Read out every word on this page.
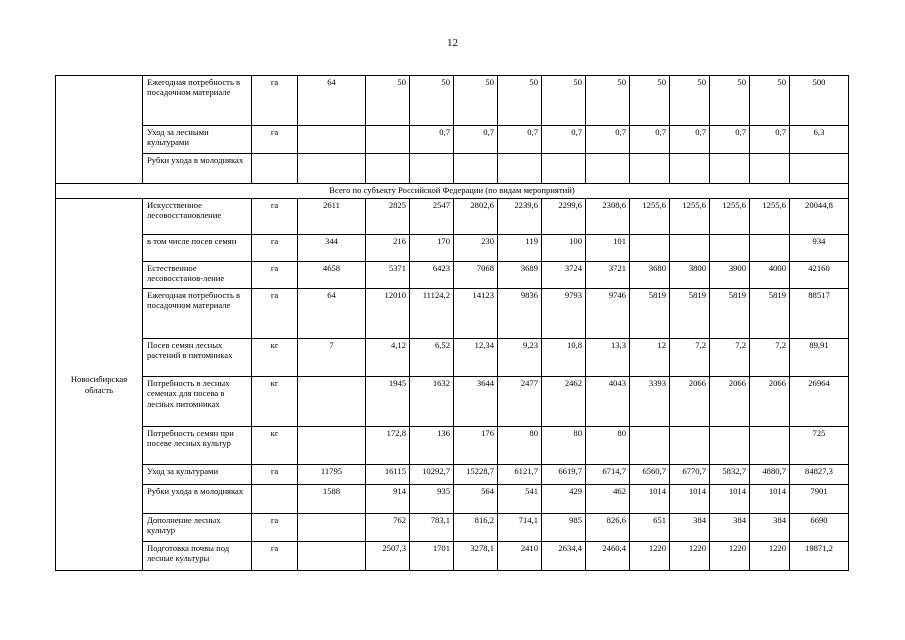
12
	Ежегодная потребность в посадочном материале	га	64	50	50	50	50	50	50	50	50	50	50	500
	Уход за лесными культурами	га			0,7	0,7	0,7	0,7	0,7	0,7	0,7	0,7	0,7	6,3
	Рубки ухода в молодняках													
Всего по субъекту Российской Федерации (по видам мероприятий)														
Новосибирская область	Искусственное лесовосстановление	га	2611	2825	2547	2802,6	2239,6	2299,6	2308,6	1255,6	1255,6	1255,6	1255,6	20044,8
	в том числе посев семян	га	344	216	170	230	119	100	101					934
	Естественное лесовосстанов-ление	га	4658	5371	6423	7068	3689	3724	3721	3680	3800	3900	4000	42160
	Ежегодная потребность в посадочном материале	га	64	12010	11124,2	14123	9836	9793	9746	5819	5819	5819	5819	88517
	Посев семян лесных растений в питомниках	кг	7	4,12	6,52	12,34	9,23	10,8	13,3	12	7,2	7,2	7,2	89,91
	Потребность в лесных семенах для посева в лесных питомниках	кг		1945	1632	3644	2477	2462	4043	3393	2066	2066	2066	26964
	Потребность семян при посеве лесных культур	кг		172,8	136	176	80	80	80					725
	Уход за культурами	га	11795	16115	10292,7	15228,7	6121,7	6619,7	6714,7	6560,7	6770,7	5832,7	4880,7	84827,3
	Рубки ухода в молодняках		1588	914	935	564	541	429	462	1014	1014	1014	1014	7901
	Дополнение лесных культур	га		762	783,1	816,2	714,1	985	826,6	651	384	384	384	6690
	Подготовка почвы под лесные культуры	га		2507,3	1701	3278,1	2410	2634,4	2460,4	1220	1220	1220	1220	19871,2
